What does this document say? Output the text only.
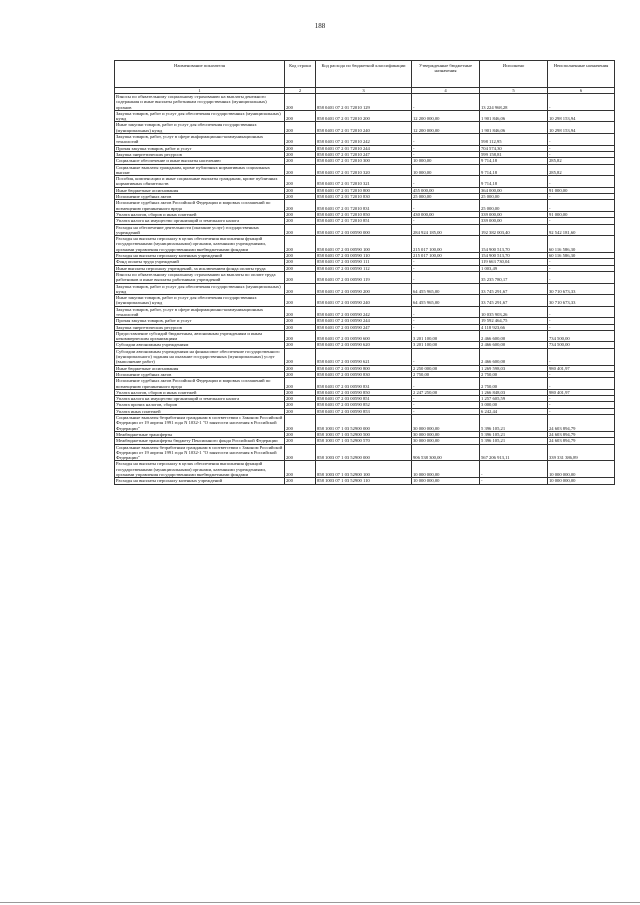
188
Наименование показателя	Код строки	Код расхода по бюджетной классификации	Утвержденные бюджетные назначения	Исполнено	Неисполненные назначения
1	2	3	4	5	6
Взносы по обязательному социальному страхованию на выплаты денежного содержания и иные выплаты работникам государственных (муниципальных) органов	200	858 0401 07 2 01 72010 129	-	13 224 968,28	-
Закупка товаров, работ и услуг для обеспечения государственных (муниципальных) нужд	200	858 0401 07 2 01 72010 200	12 200 000,00	1 901 846,06	10 298 153,94
Иные закупки товаров, работ и услуг для обеспечения государственных (муниципальных) нужд	200	858 0401 07 2 01 72010 240	12 200 000,00	1 901 846,06	10 298 153,94
Закупка товаров, работ, услуг в сфере информационно-коммуникационных технологий	200	858 0401 07 2 01 72010 242	-	598 112,95	-
Прочая закупка товаров, работ и услуг	200	858 0401 07 2 01 72010 244	-	704 574,30	-
Закупка энергетических ресурсов	200	858 0401 07 2 01 72010 247	-	599 158,81	-
Социальное обеспечение и иные выплаты населению	200	858 0401 07 2 01 72010 300	10 000,00	9 714,18	285,82
Социальные выплаты гражданам, кроме публичных нормативных социальных выплат	200	858 0401 07 2 01 72010 320	10 000,00	9 714,18	285,82
Пособия, компенсации и иные социальные выплаты гражданам, кроме публичных нормативных обязательств	200	858 0401 07 2 01 72010 321	-	9 714,18	-
Иные бюджетные ассигнования	200	858 0401 07 2 01 72010 800	455 000,00	364 000,00	91 000,00
Исполнение судебных актов	200	858 0401 07 2 01 72010 830	25 000,00	25 000,00	-
Исполнение судебных актов Российской Федерации и мировых соглашений по возмещению причиненного вреда	200	858 0401 07 2 01 72010 831	-	25 000,00	-
Уплата налогов, сборов и иных платежей	200	858 0401 07 2 01 72010 850	430 000,00	339 000,00	91 000,00
Уплата налога на имущество организаций и земельного налога	200	858 0401 07 2 01 72010 851	-	339 000,00	-
Расходы на обеспечение деятельности (оказание услуг) государственных учреждений	200	858 0401 07 2 03 00590 000	284 924 185,00	192 382 003,40	92 542 181,60
Расходы на выплаты персоналу в целях обеспечения выполнения функций государственными (муниципальными) органами, казенными учреждениями, органами управления государственными внебюджетными фондами	200	858 0401 07 2 03 00590 100	215 017 100,00	154 900 513,70	60 116 586,30
Расходы на выплаты персоналу казенных учреждений	200	858 0401 07 2 03 00590 110	215 017 100,00	154 900 513,70	60 116 586,30
Фонд оплаты труда учреждений	200	858 0401 07 2 03 00590 111	-	119 663 730,04	-
Иные выплаты персоналу учреждений, за исключением фонда оплаты труда	200	858 0401 07 2 03 00590 112	-	1 003,49	-
Взносы по обязательному социальному страхованию на выплаты по оплате труда работников и иные выплаты работникам учреждений	200	858 0401 07 2 03 00590 119	-	35 235 780,17	-
Закупка товаров, работ и услуг для обеспечения государственных (муниципальных) нужд	200	858 0401 07 2 03 00590 200	64 455 965,00	33 745 291,67	30 710 673,33
Иные закупки товаров, работ и услуг для обеспечения государственных (муниципальных) нужд	200	858 0401 07 2 03 00590 240	64 455 965,00	33 745 291,67	30 710 673,33
Закупка товаров, работ, услуг в сфере информационно-коммуникационных технологий	200	858 0401 07 2 03 00590 242	-	10 035 903,26	-
Прочая закупка товаров, работ и услуг	200	858 0401 07 2 03 00590 244	-	19 592 464,75	-
Закупка энергетических ресурсов	200	858 0401 07 2 03 00590 247	-	4 118 923,66	-
Предоставление субсидий бюджетным, автономным учреждениям и иным некоммерческим организациям	200	858 0401 07 2 03 00590 600	3 201 100,00	2 466 600,00	734 500,00
Субсидии автономным учреждениям	200	858 0401 07 2 03 00590 620	3 201 100,00	2 466 600,00	734 500,00
Субсидии автономным учреждениям на финансовое обеспечение государственного (муниципального) задания на оказание государственных (муниципальных) услуг (выполнение работ)	200	858 0401 07 2 03 00590 621	-	2 466 600,00	-
Иные бюджетные ассигнования	200	858 0401 07 2 03 00590 800	2 250 000,00	1 269 598,03	980 401,97
Исполнение судебных актов	200	858 0401 07 2 03 00590 830	2 750,00	2 750,00	-
Исполнение судебных актов Российской Федерации и мировых соглашений по возмещению причиненного вреда	200	858 0401 07 2 03 00590 831	-	2 750,00	-
Уплата налогов, сборов и иных платежей	200	858 0401 07 2 03 00590 850	2 247 250,00	1 266 848,03	980 401,97
Уплата налога на имущество организаций и земельного налога	200	858 0401 07 2 03 00590 851	-	1 257 605,59	-
Уплата прочих налогов, сборов	200	858 0401 07 2 03 00590 852	-	3 000,00	-
Уплата иных платежей	200	858 0401 07 2 03 00590 853	-	6 242,44	-
Социальные выплаты безработным гражданам в соответствии с Законом Российской Федерации от 19 апреля 1991 года N 1032-1 "О занятости населения в Российской Федерации"	200	858 1001 07 1 03 52900 000	30 000 000,00	5 396 105,21	24 603 894,79
Межбюджетные трансферты	200	858 1001 07 1 03 52900 500	30 000 000,00	5 396 105,21	24 603 894,79
Межбюджетные трансферты бюджету Пенсионного фонда Российской Федерации	200	858 1001 07 1 03 52900 570	30 000 000,00	5 396 105,21	24 603 894,79
Социальные выплаты безработным гражданам в соответствии с Законом Российской Федерации от 19 апреля 1991 года N 1032-1 "О занятости населения в Российской Федерации"	200	858 1003 07 1 03 52900 000	906 538 300,00	567 206 913,11	339 331 386,89
Расходы на выплаты персоналу в целях обеспечения выполнения функций государственными (муниципальными) органами, казенными учреждениями, органами управления государственными внебюджетными фондами	200	858 1003 07 1 03 52900 100	10 000 000,00	-	10 000 000,00
Расходы на выплаты персоналу казенных учреждений	200	858 1003 07 1 03 52900 110	10 000 000,00	-	10 000 000,00
